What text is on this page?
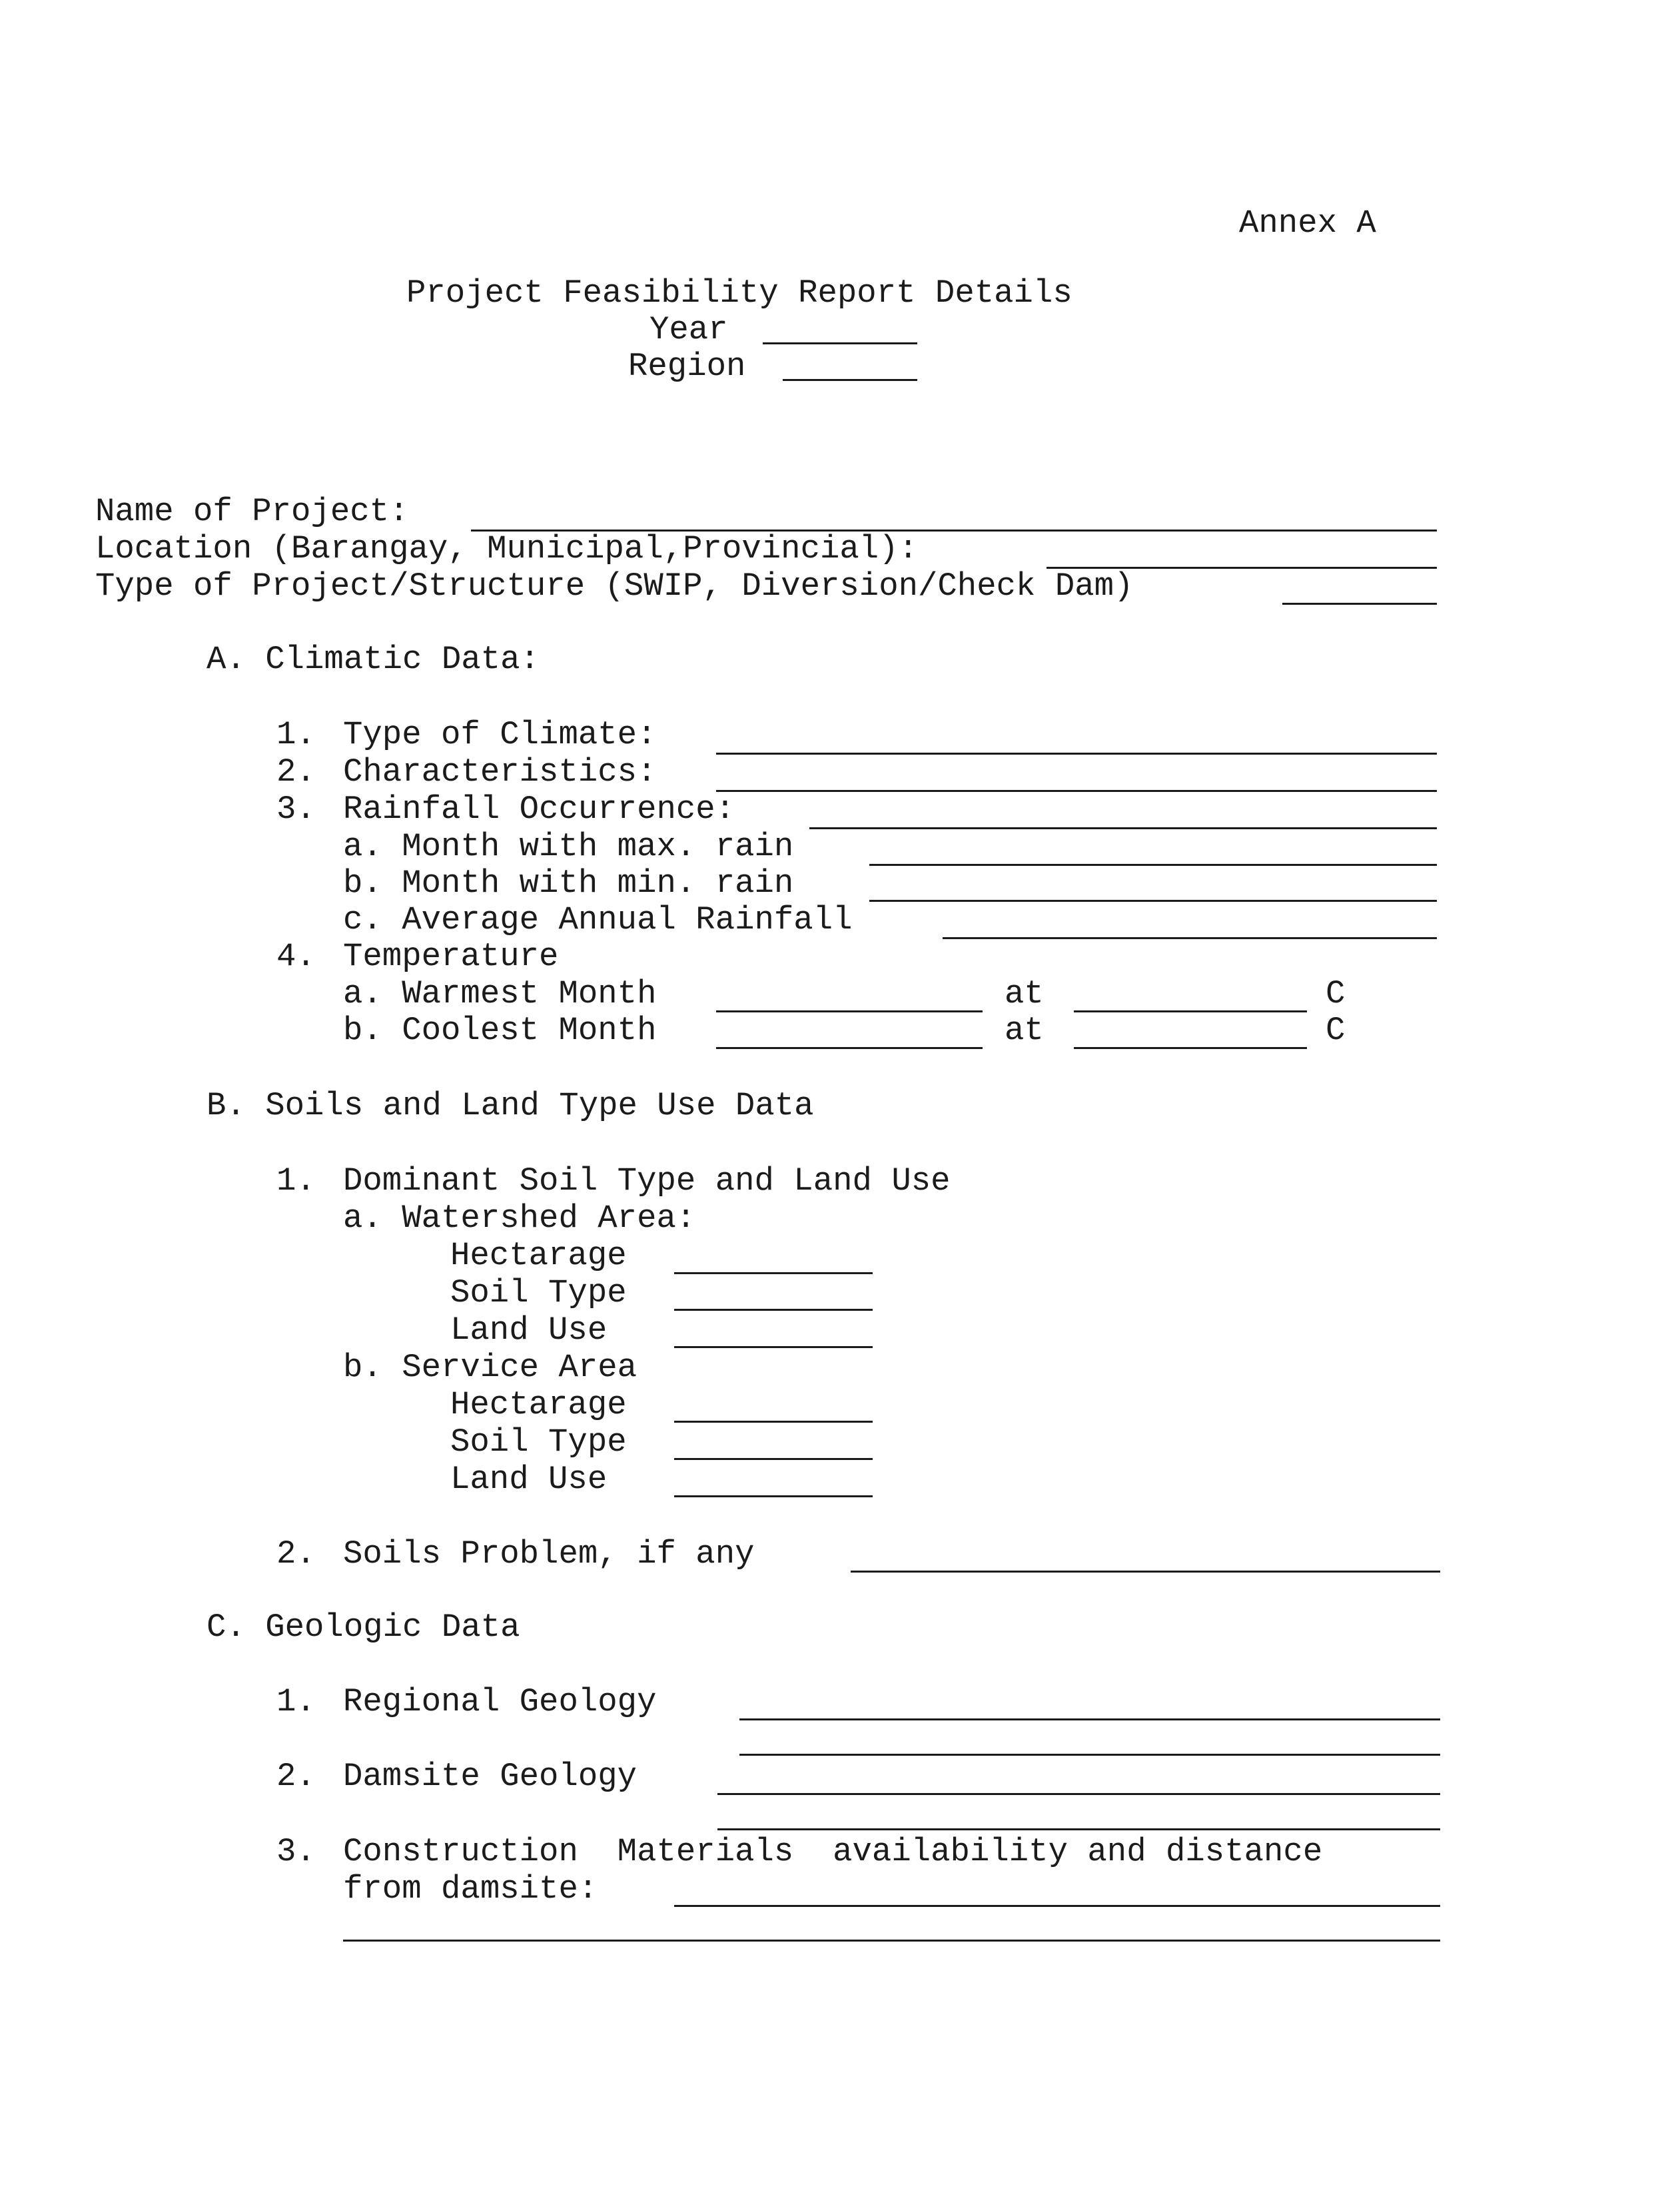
Annex A
Project Feasibility Report Details
Year
Region
Name of Project:
Location (Barangay, Municipal,Provincial):
Type of Project/Structure (SWIP, Diversion/Check Dam)
A. Climatic Data:
1. Type of Climate:
2. Characteristics:
3. Rainfall Occurrence:
a. Month with max. rain
b. Month with min. rain
c. Average Annual Rainfall
4. Temperature
a. Warmest Month	at	C
b. Coolest Month	at	C
B. Soils and Land Type Use Data
1. Dominant Soil Type and Land Use
a. Watershed Area:
Hectarage
Soil Type
Land Use
b. Service Area
Hectarage
Soil Type
Land Use
2. Soils Problem, if any
C. Geologic Data
1. Regional Geology
2. Damsite Geology
3. Construction  Materials  availability and distance
from damsite:
